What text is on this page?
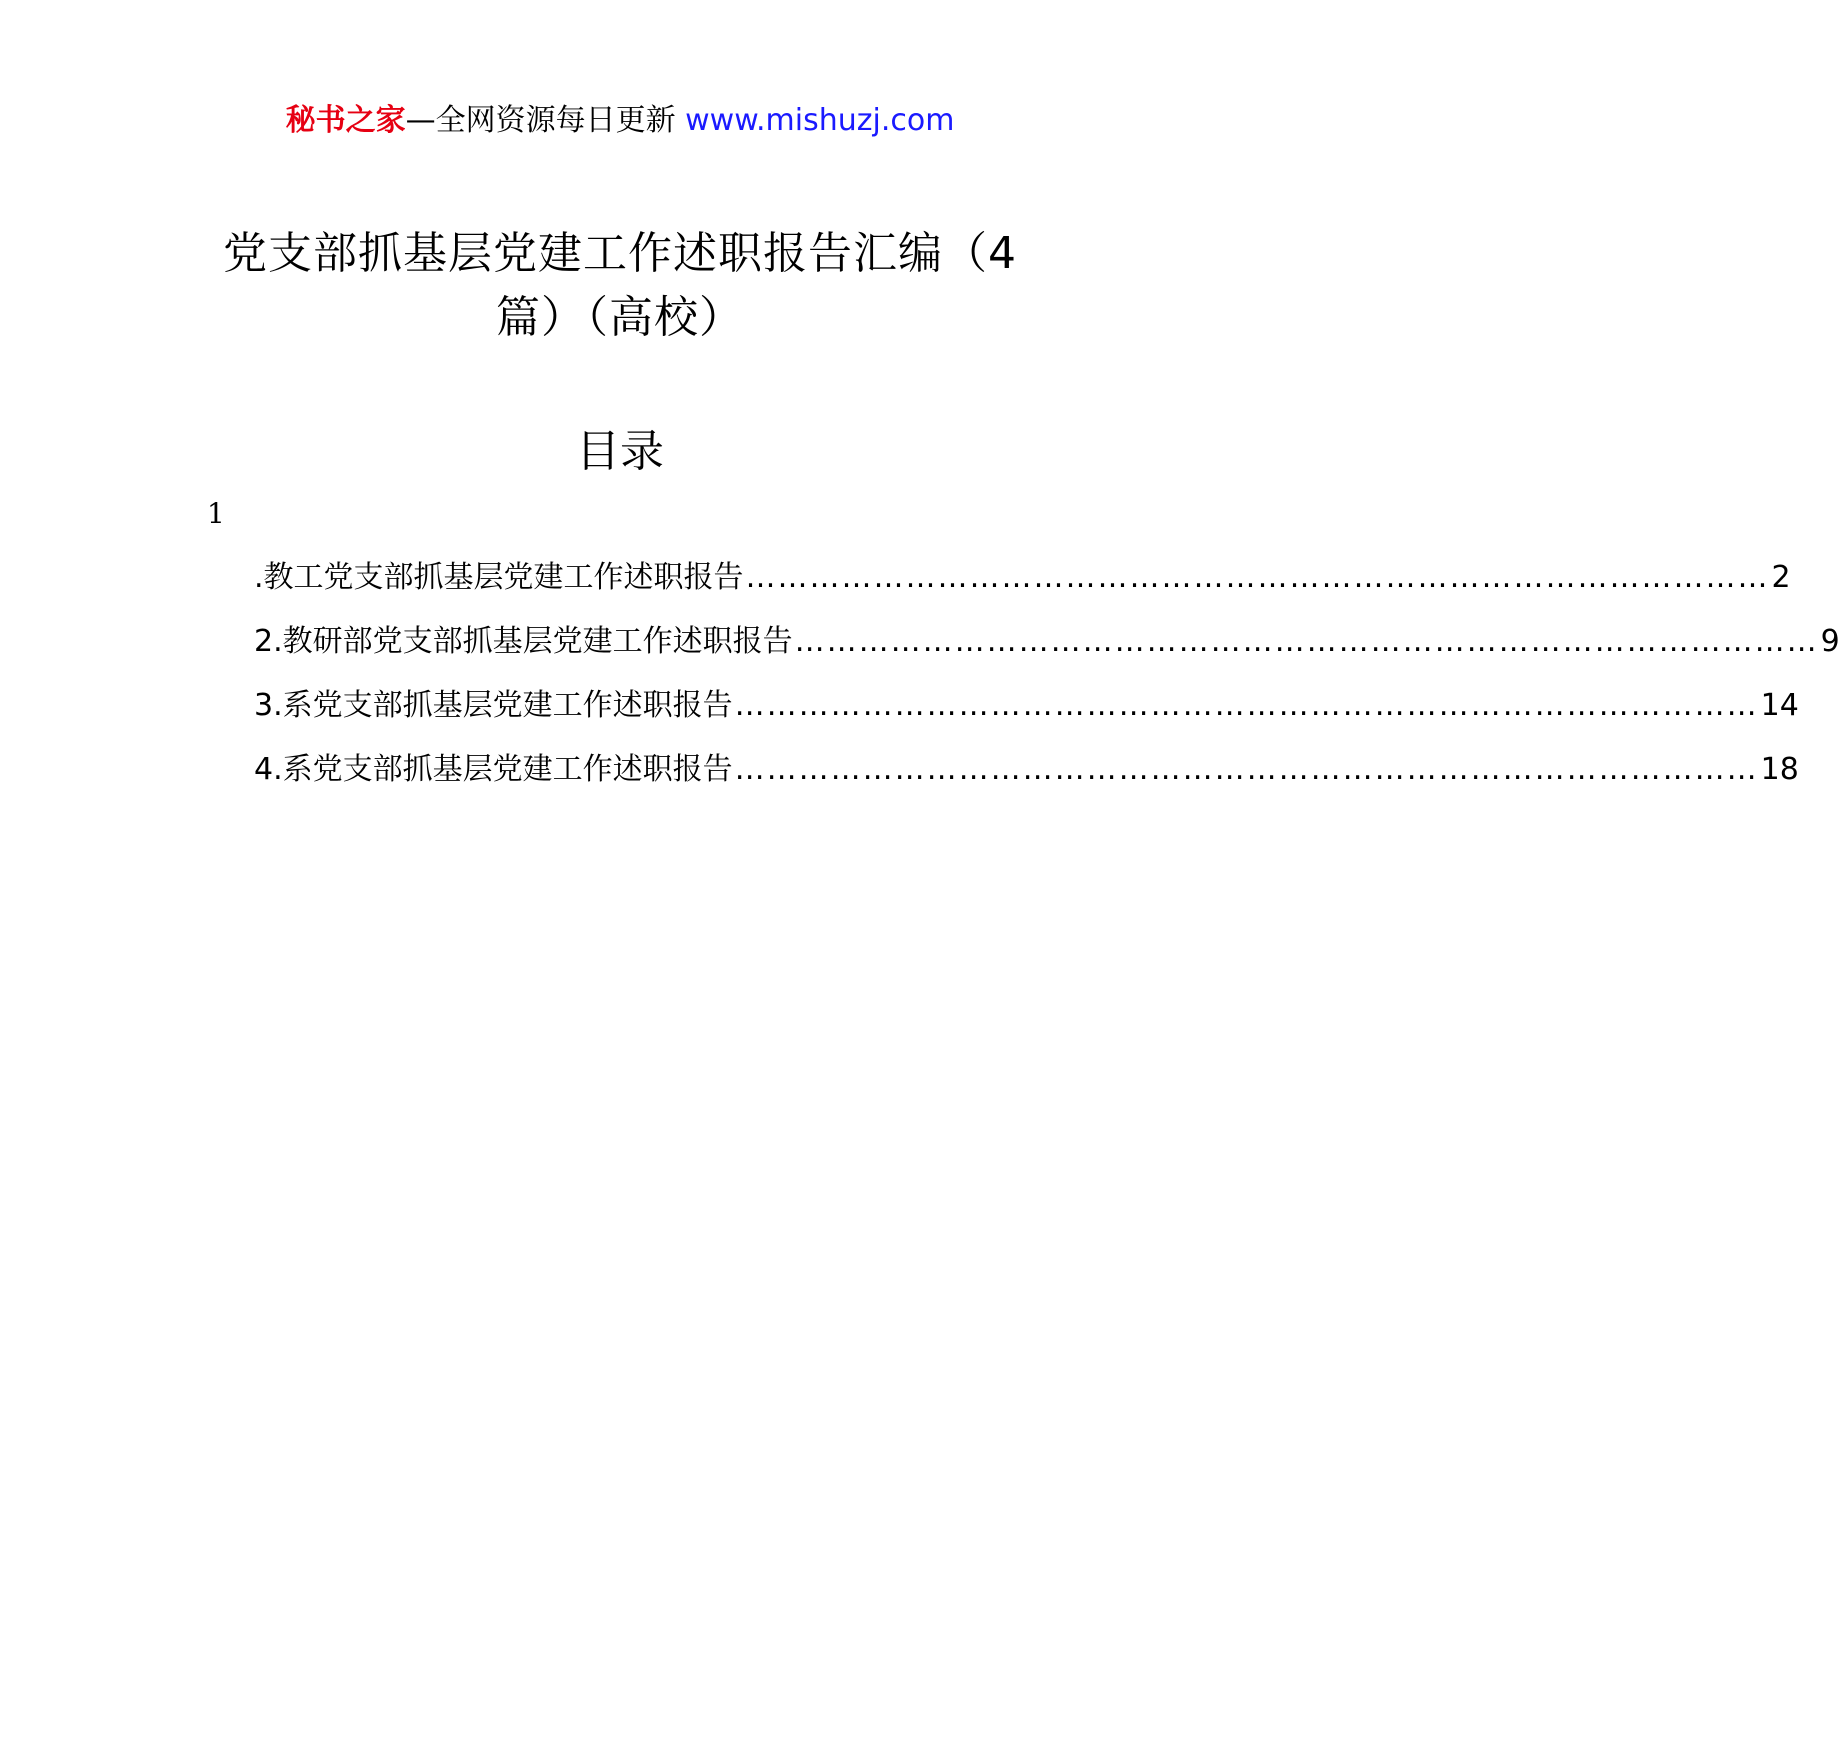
秘书之家—全网资源每日更新 www.mishuzj.com
党支部抓基层党建工作述职报告汇编（4篇）（高校）
目录
1
.教工党支部抓基层党建工作述职报告 …………………………………………………………………………………… 2
2.教研部党支部抓基层党建工作述职报告 …………………………………………………………………………………… 9
3.系党支部抓基层党建工作述职报告 …………………………………………………………………………………… 14
4.系党支部抓基层党建工作述职报告 …………………………………………………………………………………… 18
